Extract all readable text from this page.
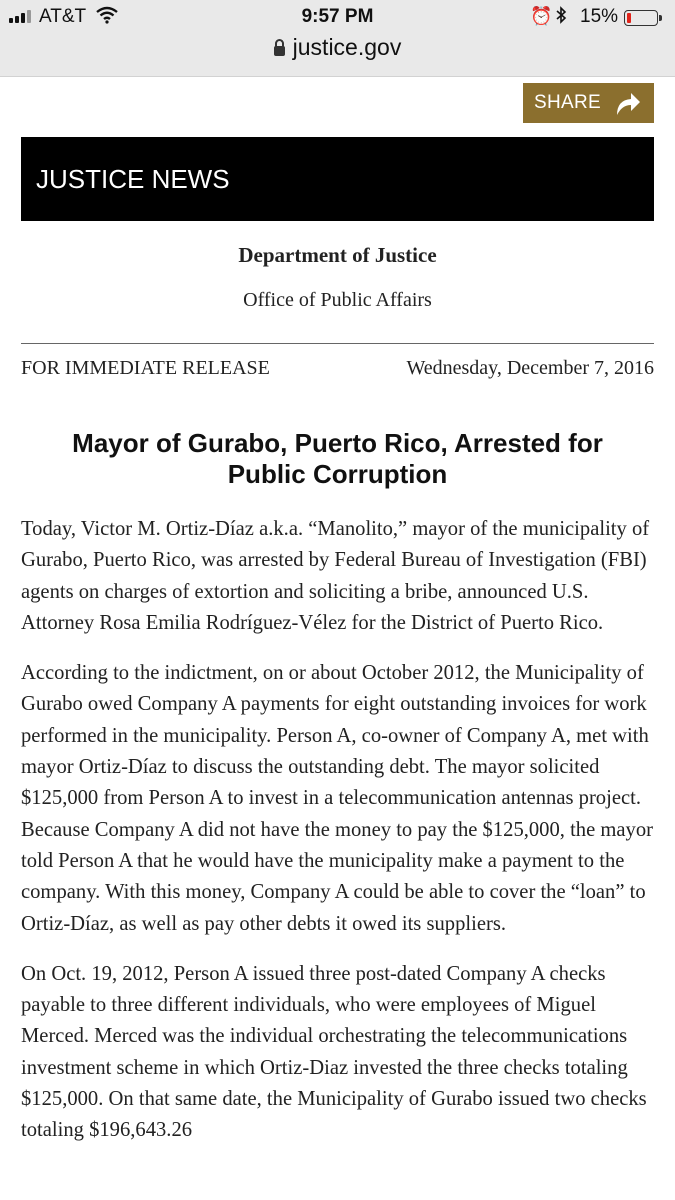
AT&T	9:57 PM	⏰ 15%
justice.gov
SHARE
JUSTICE NEWS
Department of Justice
Office of Public Affairs
FOR IMMEDIATE RELEASE	Wednesday, December 7, 2016
Mayor of Gurabo, Puerto Rico, Arrested for Public Corruption

Today, Victor M. Ortiz-Díaz a.k.a. “Manolito,” mayor of the municipality of Gurabo, Puerto Rico, was arrested by Federal Bureau of Investigation (FBI) agents on charges of extortion and soliciting a bribe, announced U.S. Attorney Rosa Emilia Rodríguez-Vélez for the District of Puerto Rico.

According to the indictment, on or about October 2012, the Municipality of Gurabo owed Company A payments for eight outstanding invoices for work performed in the municipality. Person A, co-owner of Company A, met with mayor Ortiz-Díaz to discuss the outstanding debt. The mayor solicited $125,000 from Person A to invest in a telecommunication antennas project. Because Company A did not have the money to pay the $125,000, the mayor told Person A that he would have the municipality make a payment to the company. With this money, Company A could be able to cover the “loan” to Ortiz-Díaz, as well as pay other debts it owed its suppliers.

On Oct. 19, 2012, Person A issued three post-dated Company A checks payable to three different individuals, who were employees of Miguel Merced. Merced was the individual orchestrating the telecommunications investment scheme in which Ortiz-Diaz invested the three checks totaling $125,000. On that same date, the Municipality of Gurabo issued two checks totaling $196,643.26
